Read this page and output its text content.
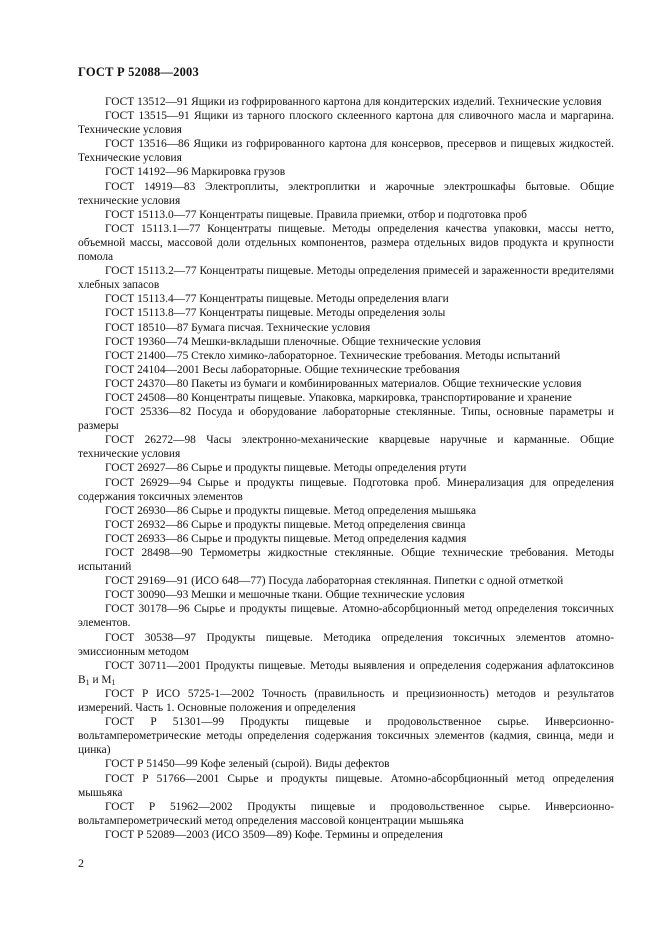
ГОСТ Р 52088—2003

ГОСТ 13512—91 Ящики из гофрированного картона для кондитерских изделий. Технические условия

ГОСТ 13515—91 Ящики из тарного плоского склеенного картона для сливочного масла и маргарина. Технические условия

ГОСТ 13516—86 Ящики из гофрированного картона для консервов, пресервов и пищевых жидкостей. Технические условия

ГОСТ 14192—96 Маркировка грузов

ГОСТ 14919—83 Электроплиты, электроплитки и жарочные электрошкафы бытовые. Общие технические условия

ГОСТ 15113.0—77 Концентраты пищевые. Правила приемки, отбор и подготовка проб

ГОСТ 15113.1—77 Концентраты пищевые. Методы определения качества упаковки, массы нетто, объемной массы, массовой доли отдельных компонентов, размера отдельных видов продукта и крупности помола

ГОСТ 15113.2—77 Концентраты пищевые. Методы определения примесей и зараженности вредителями хлебных запасов

ГОСТ 15113.4—77 Концентраты пищевые. Методы определения влаги

ГОСТ 15113.8—77 Концентраты пищевые. Методы определения золы

ГОСТ 18510—87 Бумага писчая. Технические условия

ГОСТ 19360—74 Мешки-вкладыши пленочные. Общие технические условия

ГОСТ 21400—75 Стекло химико-лабораторное. Технические требования. Методы испытаний

ГОСТ 24104—2001 Весы лабораторные. Общие технические требования

ГОСТ 24370—80 Пакеты из бумаги и комбинированных материалов. Общие технические условия

ГОСТ 24508—80 Концентраты пищевые. Упаковка, маркировка, транспортирование и хранение

ГОСТ 25336—82 Посуда и оборудование лабораторные стеклянные. Типы, основные параметры и размеры

ГОСТ 26272—98 Часы электронно-механические кварцевые наручные и карманные. Общие технические условия

ГОСТ 26927—86 Сырье и продукты пищевые. Методы определения ртути

ГОСТ 26929—94 Сырье и продукты пищевые. Подготовка проб. Минерализация для определения содержания токсичных элементов

ГОСТ 26930—86 Сырье и продукты пищевые. Метод определения мышьяка

ГОСТ 26932—86 Сырье и продукты пищевые. Метод определения свинца

ГОСТ 26933—86 Сырье и продукты пищевые. Метод определения кадмия

ГОСТ 28498—90 Термометры жидкостные стеклянные. Общие технические требования. Методы испытаний

ГОСТ 29169—91 (ИСО 648—77) Посуда лабораторная стеклянная. Пипетки с одной отметкой

ГОСТ 30090—93 Мешки и мешочные ткани. Общие технические условия

ГОСТ 30178—96 Сырье и продукты пищевые. Атомно-абсорбционный метод определения токсичных элементов.

ГОСТ 30538—97 Продукты пищевые. Методика определения токсичных элементов атомно-эмиссионным методом

ГОСТ 30711—2001 Продукты пищевые. Методы выявления и определения содержания афлатоксинов $B_1$ и $M_1$

ГОСТ Р ИСО 5725-1—2002 Точность (правильность и прецизионность) методов и результатов измерений. Часть 1. Основные положения и определения

ГОСТ Р 51301—99 Продукты пищевые и продовольственное сырье. Инверсионно-вольтамперометрические методы определения содержания токсичных элементов (кадмия, свинца, меди и цинка)

ГОСТ Р 51450—99 Кофе зеленый (сырой). Виды дефектов

ГОСТ Р 51766—2001 Сырье и продукты пищевые. Атомно-абсорбционный метод определения мышьяка

ГОСТ Р 51962—2002 Продукты пищевые и продовольственное сырье. Инверсионно-вольтамперометрический метод определения массовой концентрации мышьяка

ГОСТ Р 52089—2003 (ИСО 3509—89) Кофе. Термины и определения

2
